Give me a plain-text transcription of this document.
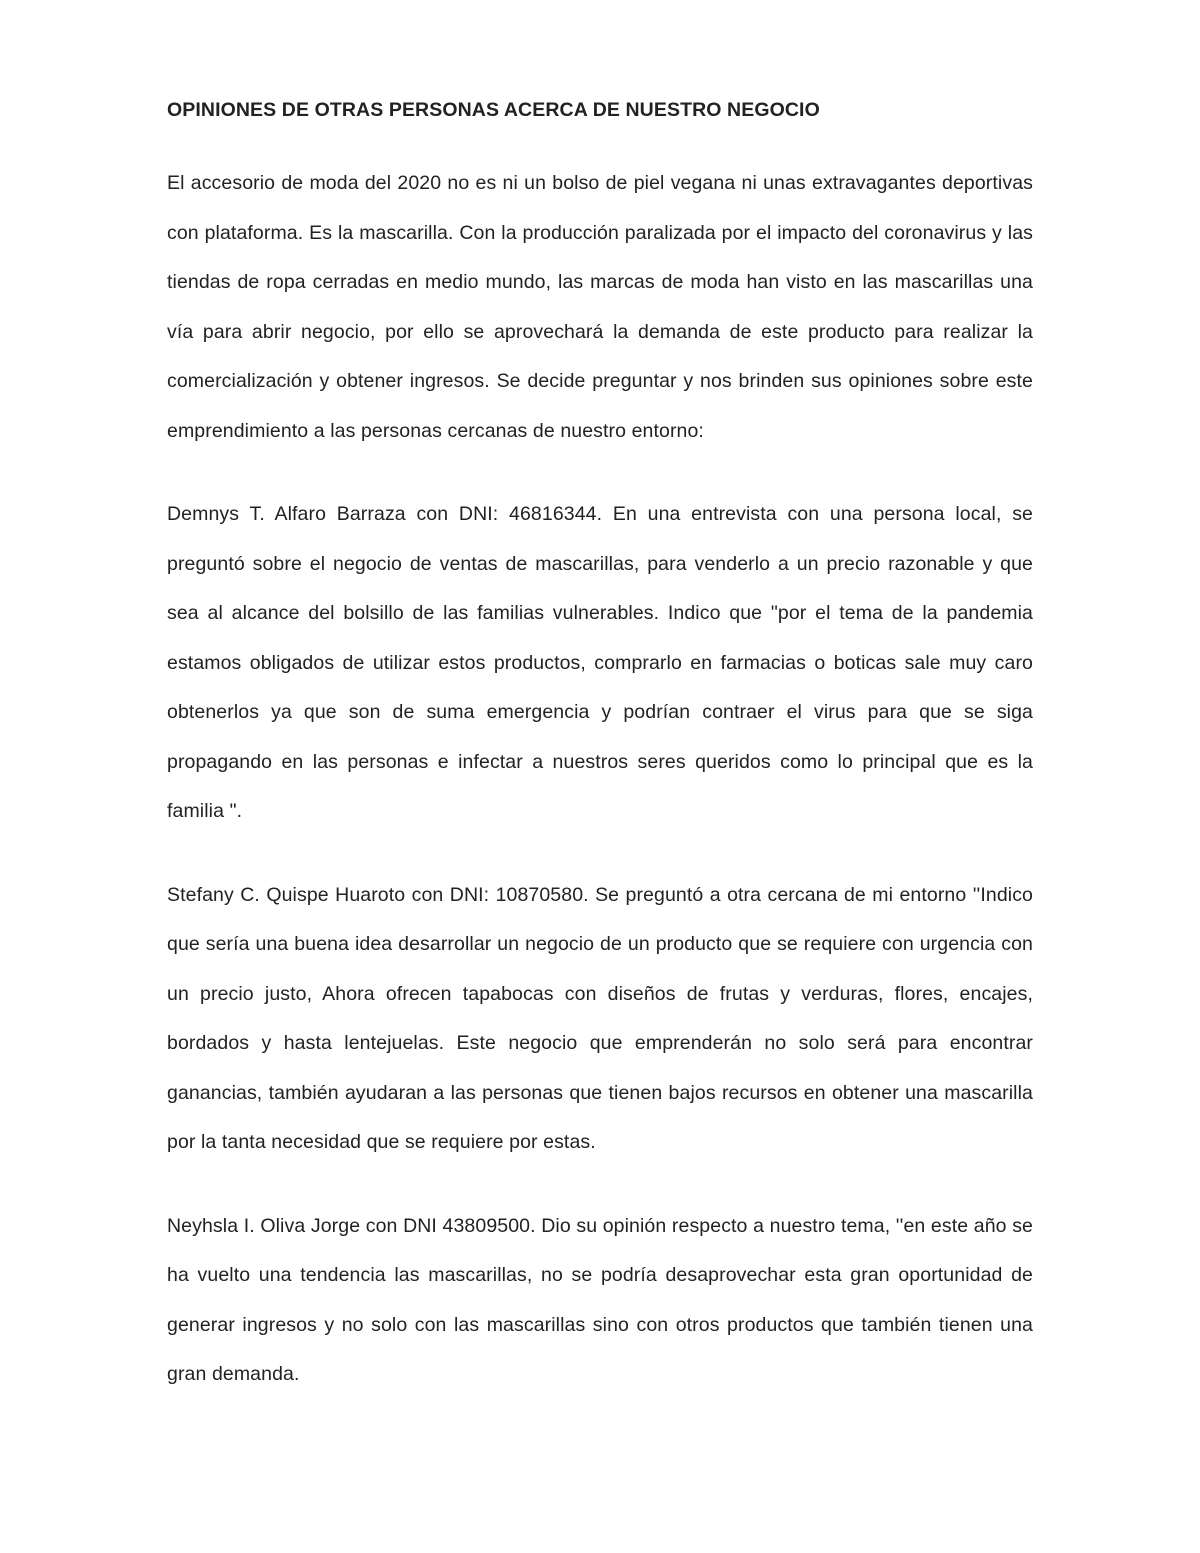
OPINIONES DE OTRAS PERSONAS ACERCA DE NUESTRO NEGOCIO

El accesorio de moda del 2020 no es ni un bolso de piel vegana ni unas extravagantes deportivas con plataforma. Es la mascarilla. Con la producción paralizada por el impacto del coronavirus y las tiendas de ropa cerradas en medio mundo, las marcas de moda han visto en las mascarillas una vía para abrir negocio, por ello se aprovechará la demanda de este producto para realizar la comercialización y obtener ingresos. Se decide preguntar y nos brinden sus opiniones sobre este emprendimiento a las personas cercanas de nuestro entorno:

Demnys T. Alfaro Barraza con DNI: 46816344. En una entrevista con una persona local, se preguntó sobre el negocio de ventas de mascarillas, para venderlo a un precio razonable y que sea al alcance del bolsillo de las familias vulnerables. Indico que "por el tema de la pandemia estamos obligados de utilizar estos productos, comprarlo en farmacias o boticas sale muy caro obtenerlos ya que son de suma emergencia y podrían contraer el virus para que se siga propagando en las personas e infectar a nuestros seres queridos como lo principal que es la familia ".

Stefany C. Quispe Huaroto con DNI: 10870580. Se preguntó a otra cercana de mi entorno ''Indico que sería una buena idea desarrollar un negocio de un producto que se requiere con urgencia con un precio justo, Ahora ofrecen tapabocas con diseños de frutas y verduras, flores, encajes, bordados y hasta lentejuelas. Este negocio que emprenderán no solo será para encontrar ganancias, también ayudaran a las personas que tienen bajos recursos en obtener una mascarilla por la tanta necesidad que se requiere por estas.

Neyhsla I. Oliva Jorge con DNI 43809500. Dio su opinión respecto a nuestro tema, ''en este año se ha vuelto una tendencia las mascarillas, no se podría desaprovechar esta gran oportunidad de generar ingresos y no solo con las mascarillas sino con otros productos que también tienen una gran demanda.
